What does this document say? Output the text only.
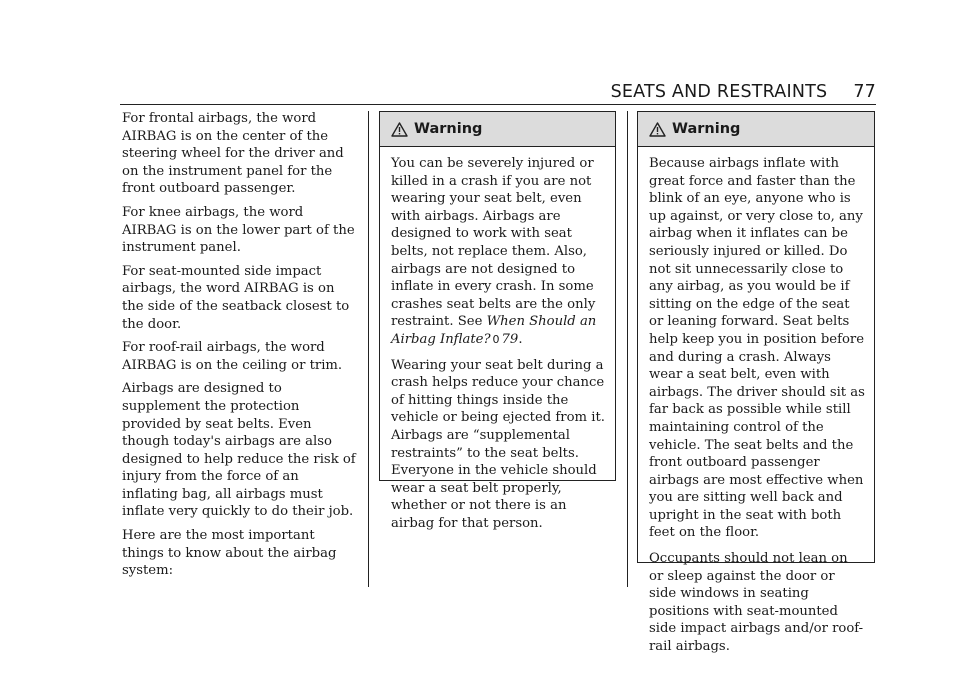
SEATS AND RESTRAINTS 77

For frontal airbags, the word AIRBAG is on the center of the steering wheel for the driver and on the instrument panel for the front outboard passenger.

For knee airbags, the word AIRBAG is on the lower part of the instrument panel.

For seat-mounted side impact airbags, the word AIRBAG is on the side of the seatback closest to the door.

For roof-rail airbags, the word AIRBAG is on the ceiling or trim.

Airbags are designed to supplement the protection provided by seat belts. Even though today's airbags are also designed to help reduce the risk of injury from the force of an inflating bag, all airbags must inflate very quickly to do their job.

Here are the most important things to know about the airbag system:

Warning

You can be severely injured or killed in a crash if you are not wearing your seat belt, even with airbags. Airbags are designed to work with seat belts, not replace them. Also, airbags are not designed to inflate in every crash. In some crashes seat belts are the only restraint. See When Should an Airbag Inflate? 0 79.

Wearing your seat belt during a crash helps reduce your chance of hitting things inside the vehicle or being ejected from it. Airbags are “supplemental restraints” to the seat belts. Everyone in the vehicle should wear a seat belt properly, whether or not there is an airbag for that person.

Warning

Because airbags inflate with great force and faster than the blink of an eye, anyone who is up against, or very close to, any airbag when it inflates can be seriously injured or killed. Do not sit unnecessarily close to any airbag, as you would be if sitting on the edge of the seat or leaning forward. Seat belts help keep you in position before and during a crash. Always wear a seat belt, even with airbags. The driver should sit as far back as possible while still maintaining control of the vehicle. The seat belts and the front outboard passenger airbags are most effective when you are sitting well back and upright in the seat with both feet on the floor.

Occupants should not lean on or sleep against the door or side windows in seating positions with seat-mounted side impact airbags and/or roof-rail airbags.
